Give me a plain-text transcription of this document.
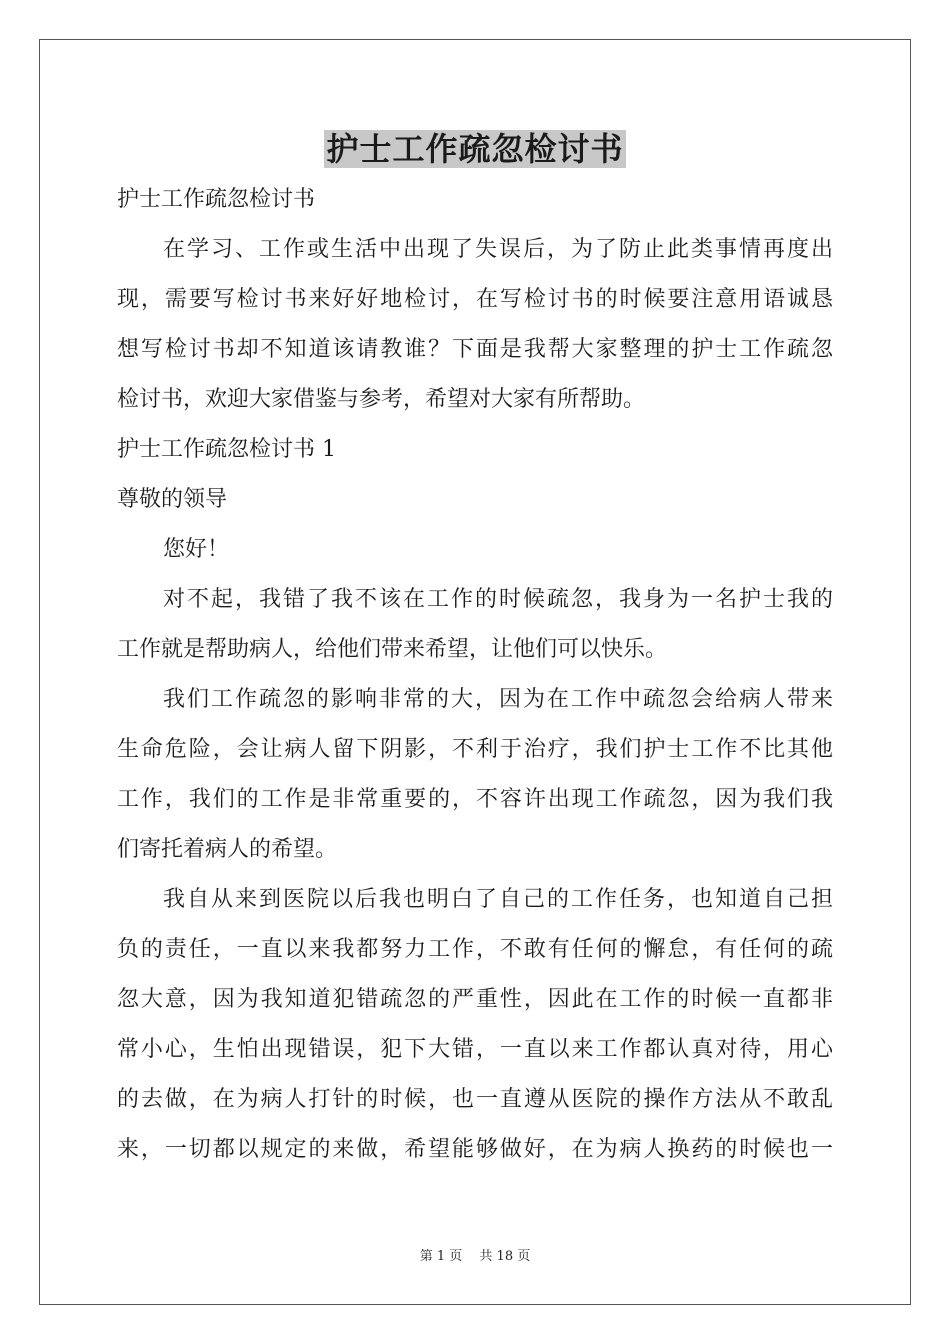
护士工作疏忽检讨书
护士工作疏忽检讨书
在学习、工作或生活中出现了失误后，为了防止此类事情再度出
现，需要写检讨书来好好地检讨，在写检讨书的时候要注意用语诚恳
想写检讨书却不知道该请教谁？下面是我帮大家整理的护士工作疏忽
检讨书，欢迎大家借鉴与参考，希望对大家有所帮助。
护士工作疏忽检讨书 1
尊敬的领导
您好！
对不起，我错了我不该在工作的时候疏忽，我身为一名护士我的
工作就是帮助病人，给他们带来希望，让他们可以快乐。
我们工作疏忽的影响非常的大，因为在工作中疏忽会给病人带来
生命危险，会让病人留下阴影，不利于治疗，我们护士工作不比其他
工作，我们的工作是非常重要的，不容许出现工作疏忽，因为我们我
们寄托着病人的希望。
我自从来到医院以后我也明白了自己的工作任务，也知道自己担
负的责任，一直以来我都努力工作，不敢有任何的懈怠，有任何的疏
忽大意，因为我知道犯错疏忽的严重性，因此在工作的时候一直都非
常小心，生怕出现错误，犯下大错，一直以来工作都认真对待，用心
的去做，在为病人打针的时候，也一直遵从医院的操作方法从不敢乱
来，一切都以规定的来做，希望能够做好，在为病人换药的时候也一
第 1 页　 共 18 页
